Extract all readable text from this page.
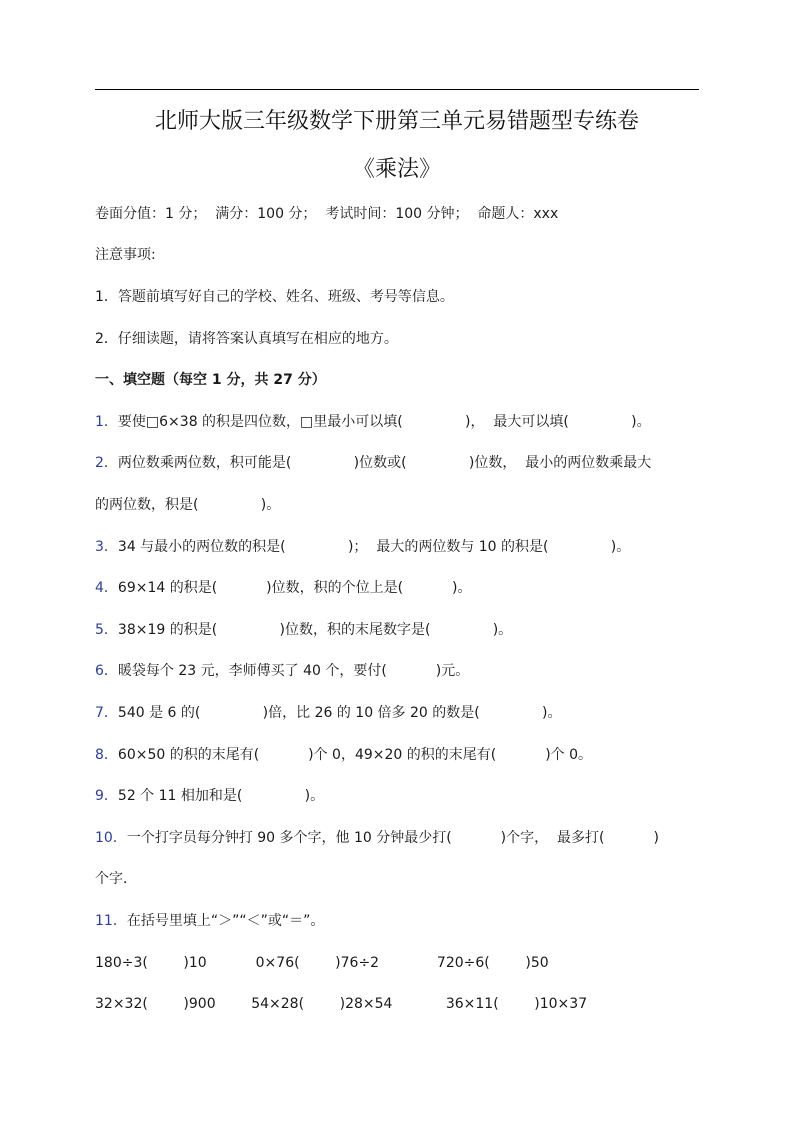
北师大版三年级数学下册第三单元易错题型专练卷
《乘法》
卷面分值：1 分；  满分：100 分；  考试时间：100 分钟；  命题人：xxx
注意事项:
1．答题前填写好自己的学校、姓名、班级、考号等信息。
2．仔细读题，请将答案认真填写在相应的地方。
一、填空题（每空 1 分，共 27 分）
1．要使□6×38 的积是四位数，□里最小可以填(              )，  最大可以填(              )。
2．两位数乘两位数，积可能是(              )位数或(              )位数，  最小的两位数乘最大
的两位数，积是(              )。
3．34 与最小的两位数的积是(              )；  最大的两位数与 10 的积是(              )。
4．69×14 的积是(           )位数，积的个位上是(           )。
5．38×19 的积是(              )位数，积的末尾数字是(              )。
6．暖袋每个 23 元，李师傅买了 40 个，要付(           )元。
7．540 是 6 的(              )倍，比 26 的 10 倍多 20 的数是(              )。
8．60×50 的积的末尾有(           )个 0，49×20 的积的末尾有(           )个 0。
9．52 个 11 相加和是(              )。
10．一个打字员每分钟打 90 多个字，他 10 分钟最少打(           )个字，  最多打(           )
个字．
11．在括号里填上“＞”“＜”或“＝”。
180÷3(        )10           0×76(        )76÷2             720÷6(        )50
32×32(        )900        54×28(        )28×54            36×11(        )10×37
